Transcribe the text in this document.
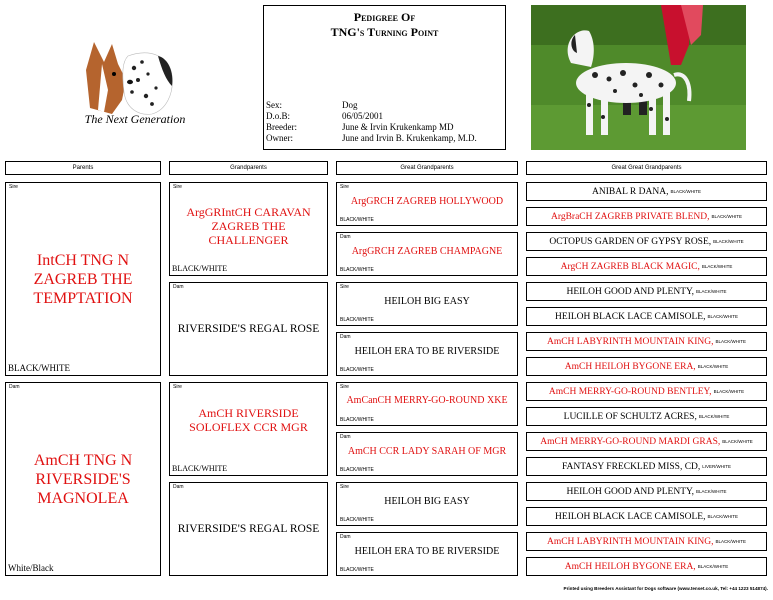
The Next Generation
Pedigree Of
TNG's Turning Point
Sex:	Dog
D.o.B:	06/05/2001
Breeder:	June & Irvin Krukenkamp MD
Owner:	June and Irvin B. Krukenkamp, M.D.
Parents	Grandparents	Great Grandparents	Great Great Grandparents
Sire
IntCH TNG N ZAGREB THE TEMPTATION
BLACK/WHITE
Dam
AmCH TNG N RIVERSIDE'S MAGNOLEA
White/Black
Sire
ArgGRIntCH CARAVAN ZAGREB THE CHALLENGER
BLACK/WHITE
Dam
RIVERSIDE'S REGAL ROSE
Sire
AmCH RIVERSIDE SOLOFLEX CCR MGR
BLACK/WHITE
Dam
RIVERSIDE'S REGAL ROSE
Sire
ArgGRCH ZAGREB HOLLYWOOD
BLACK/WHITE
Dam
ArgGRCH ZAGREB CHAMPAGNE
BLACK/WHITE
Sire
HEILOH BIG EASY
BLACK/WHITE
Dam
HEILOH ERA TO BE RIVERSIDE
BLACK/WHITE
Sire
AmCanCH MERRY-GO-ROUND XKE
BLACK/WHITE
Dam
AmCH CCR LADY SARAH OF MGR
BLACK/WHITE
Sire
HEILOH BIG EASY
BLACK/WHITE
Dam
HEILOH ERA TO BE RIVERSIDE
BLACK/WHITE
ANIBAL R DANA, BLACK/WHITE
ArgBraCH ZAGREB PRIVATE BLEND, BLACK/WHITE
OCTOPUS GARDEN OF GYPSY ROSE, BLACK/WHITE
ArgCH ZAGREB BLACK MAGIC, BLACK/WHITE
HEILOH GOOD AND PLENTY, BLACK/WHITE
HEILOH BLACK LACE CAMISOLE, BLACK/WHITE
AmCH LABYRINTH MOUNTAIN KING, BLACK/WHITE
AmCH HEILOH BYGONE ERA, BLACK/WHITE
AmCH MERRY-GO-ROUND BENTLEY, BLACK/WHITE
LUCILLE OF SCHULTZ ACRES, BLACK/WHITE
AmCH MERRY-GO-ROUND MARDI GRAS, BLACK/WHITE
FANTASY FRECKLED MISS, CD, LIVER/WHITE
HEILOH GOOD AND PLENTY, BLACK/WHITE
HEILOH BLACK LACE CAMISOLE, BLACK/WHITE
AmCH LABYRINTH MOUNTAIN KING, BLACK/WHITE
AmCH HEILOH BYGONE ERA, BLACK/WHITE
Printed using Breeders Assistant for Dogs software (www.tenset.co.uk, Tel: +44 1223 514874).
